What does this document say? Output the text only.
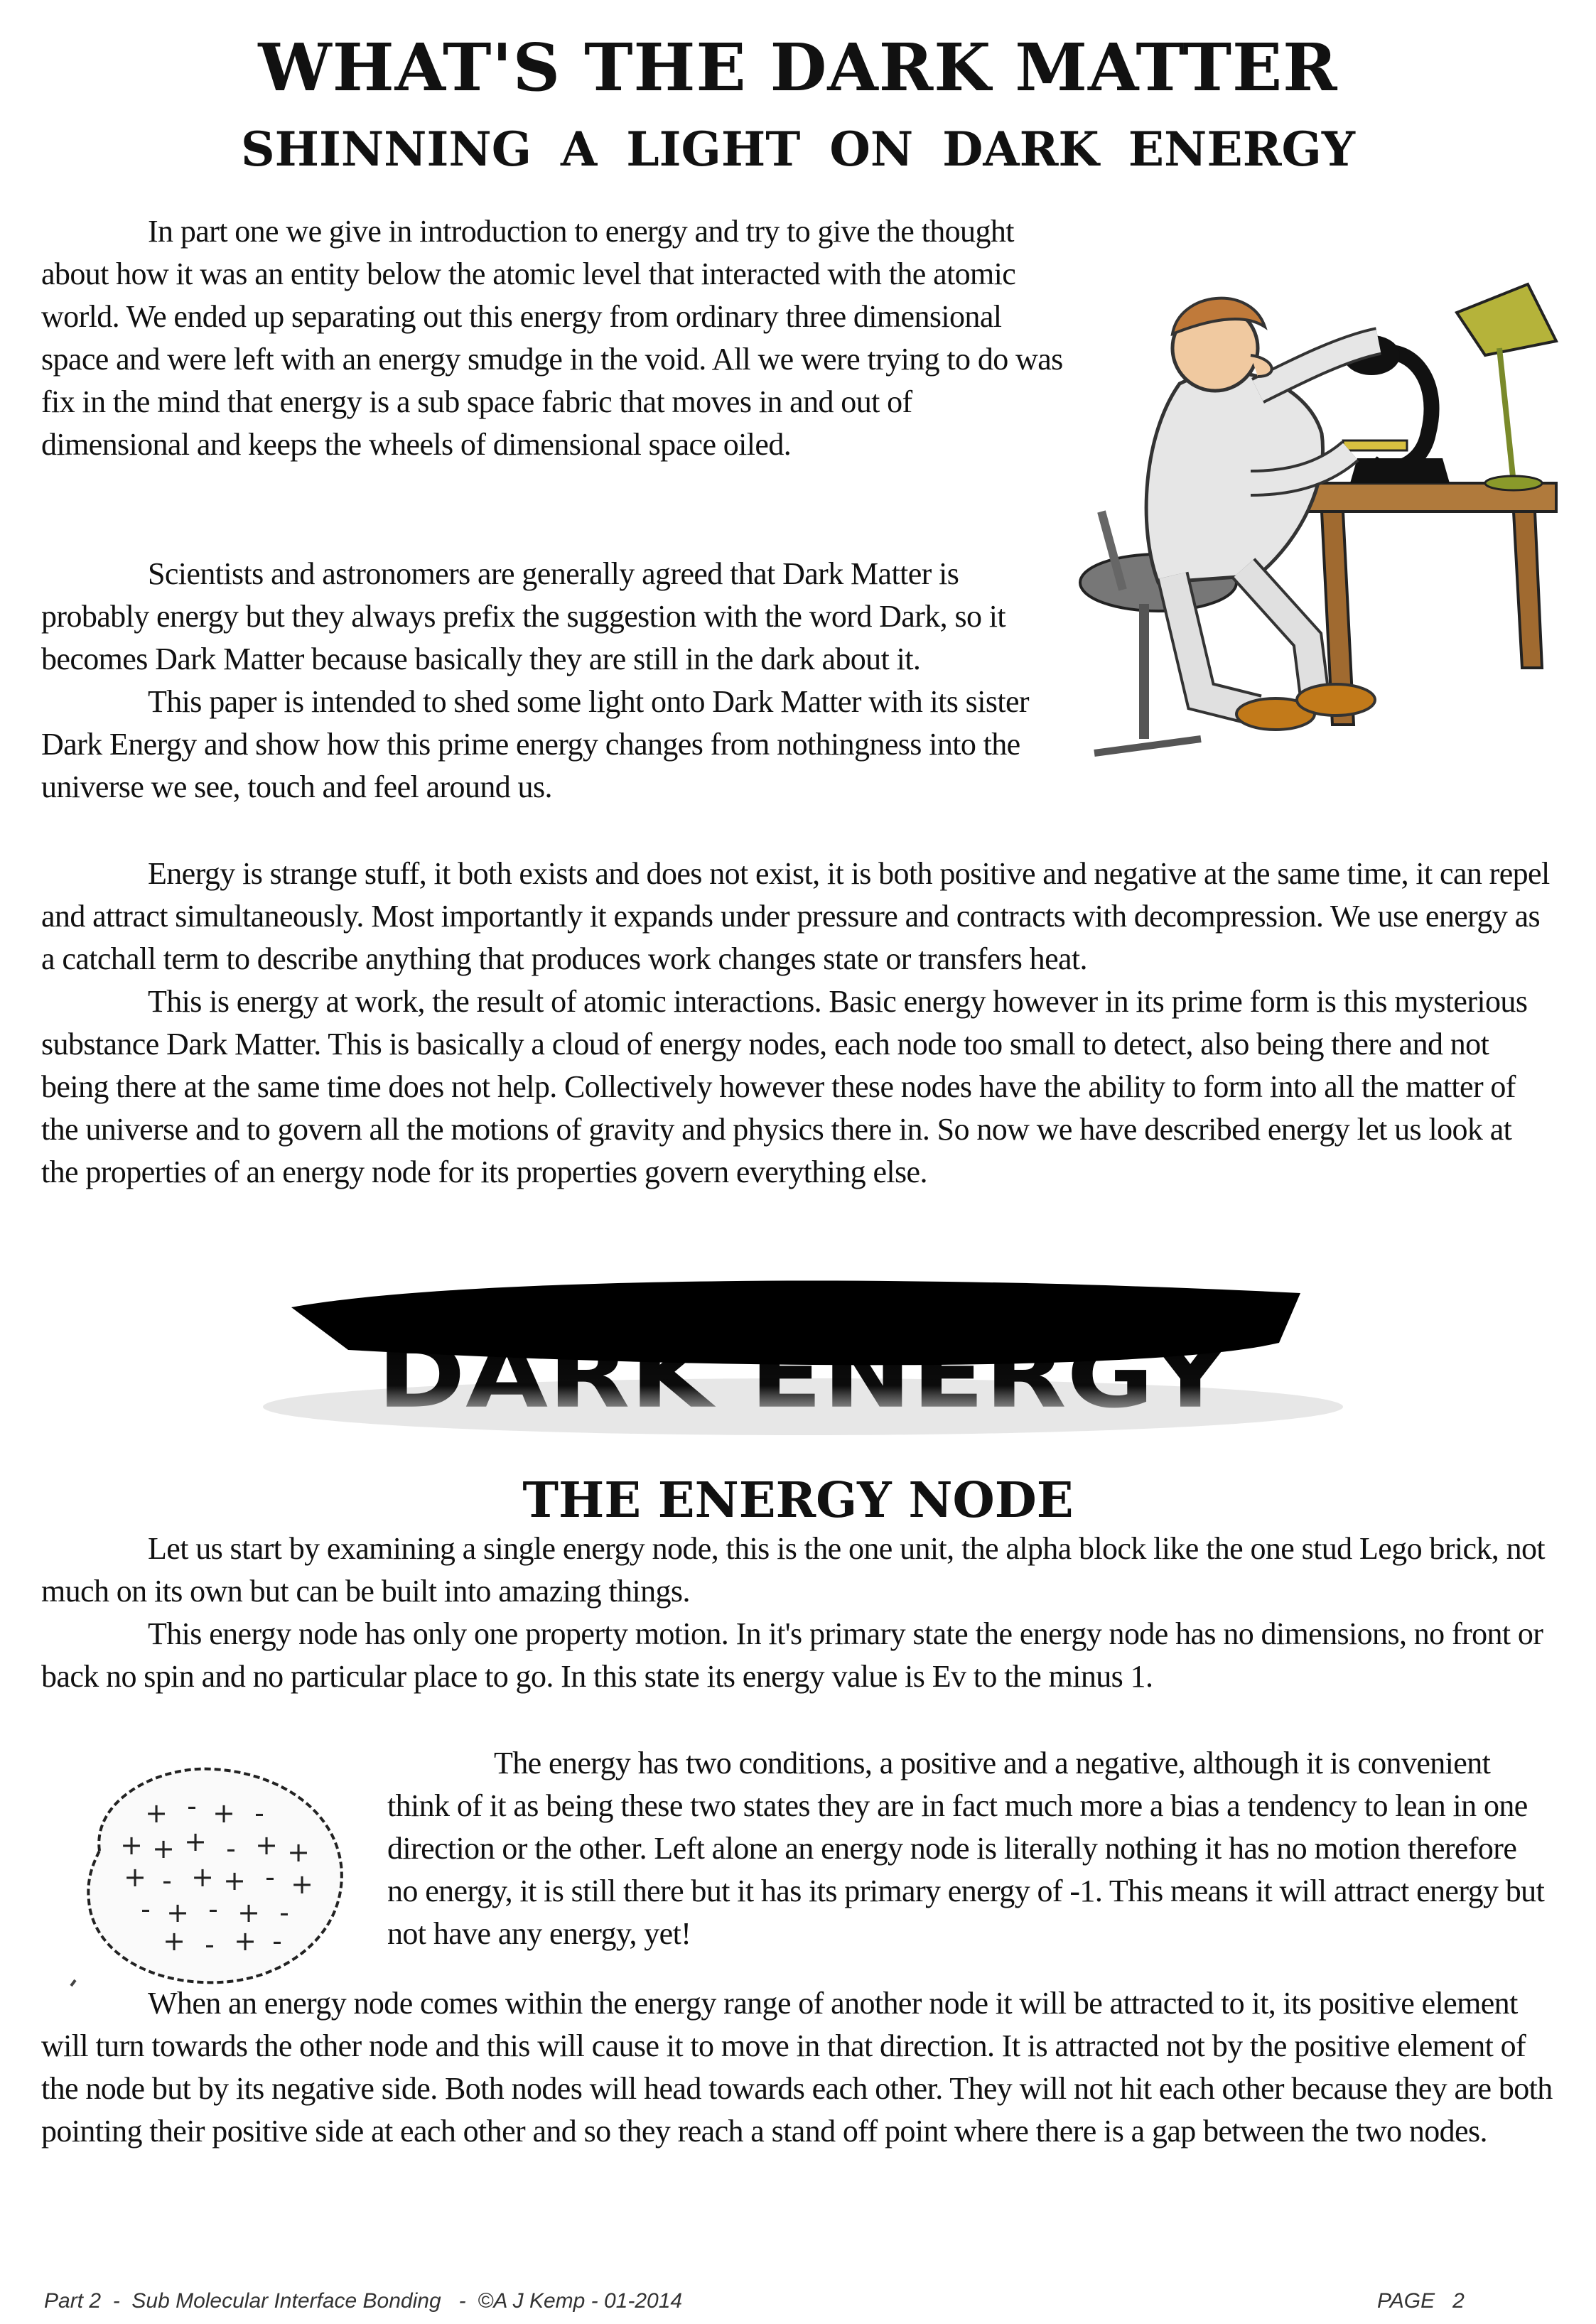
WHAT'S THE DARK MATTER
SHINNING A LIGHT ON DARK ENERGY

In part one we give in introduction to energy and try to give the thought about how it was an entity below the atomic level that interacted with the atomic world. We ended up separating out this energy from ordinary three dimensional space and were left with an energy smudge in the void. All we were trying to do was fix in the mind that energy is a sub space fabric that moves in and out of dimensional and keeps the wheels of dimensional space oiled.

Scientists and astronomers are generally agreed that Dark Matter is probably energy but they always prefix the suggestion with the word Dark, so it becomes Dark Matter because basically they are still in the dark about it.

This paper is intended to shed some light onto Dark Matter with its sister Dark Energy and show how this prime energy changes from nothingness into the universe we see, touch and feel around us.

Energy is strange stuff, it both exists and does not exist, it is both positive and negative at the same time, it can repel and attract simultaneously. Most importantly it expands under pressure and contracts with decompression. We use energy as a catchall term to describe anything that produces work changes state or transfers heat.

This is energy at work, the result of atomic interactions. Basic energy however in its prime form is this mysterious substance Dark Matter. This is basically a cloud of energy nodes, each node too small to detect, also being there and not being there at the same time does not help. Collectively however these nodes have the ability to form into all the matter of the universe and to govern all the motions of gravity and physics there in. So now we have described energy let us look at the properties of an energy node for its properties govern everything else.

DARK ENERGY
THE ENERGY NODE

Let us start by examining a single energy node, this is the one unit, the alpha block like the one stud Lego brick, not much on its own but can be built into amazing things.

This energy node has only one property motion. In it's primary state the energy node has no dimensions, no front or back no spin and no particular place to go. In this state its energy value is Ev to the minus 1.

+ - + -
+ + + - + +
+ - + + - +
- + - + -
+ - + -

The energy has two conditions, a positive and a negative, although it is convenient think of it as being these two states they are in fact much more a bias a tendency to lean in one direction or the other. Left alone an energy node is literally nothing it has no motion therefore no energy, it is still there but it has its primary energy of -1. This means it will attract energy but not have any energy, yet!

When an energy node comes within the energy range of another node it will be attracted to it, its positive element will turn towards the other node and this will cause it to move in that direction. It is attracted not by the positive element of the node but by its negative side. Both nodes will head towards each other. They will not hit each other because they are both pointing their positive side at each other and so they reach a stand off point where there is a gap between the two nodes.

Part 2  -  Sub Molecular Interface Bonding   -  ©A J Kemp - 01-2014	PAGE   2
